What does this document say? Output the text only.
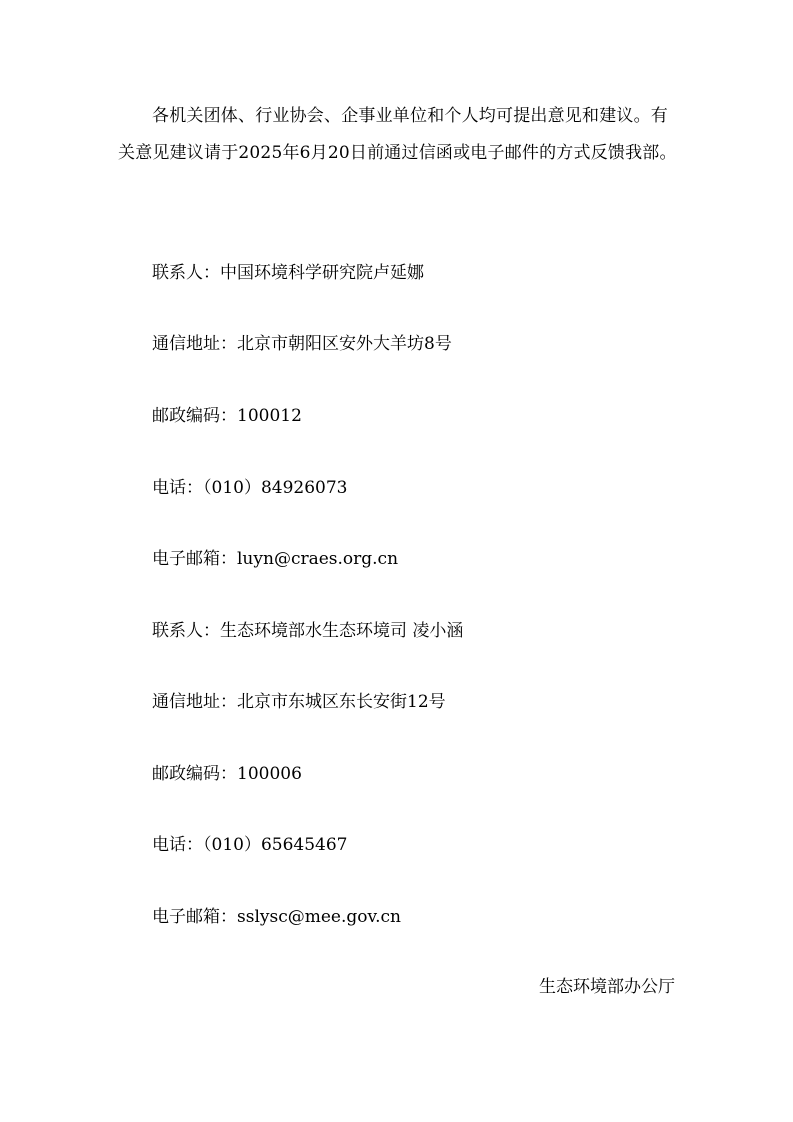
各机关团体、行业协会、企事业单位和个人均可提出意见和建议。有关意见建议请于2025年6月20日前通过信函或电子邮件的方式反馈我部。

联系人：中国环境科学研究院卢延娜
通信地址：北京市朝阳区安外大羊坊8号
邮政编码：100012
电话：（010）84926073
电子邮箱：luyn@craes.org.cn
联系人：生态环境部水生态环境司 凌小涵
通信地址：北京市东城区东长安街12号
邮政编码：100006
电话：（010）65645467
电子邮箱：sslysc@mee.gov.cn
生态环境部办公厅
